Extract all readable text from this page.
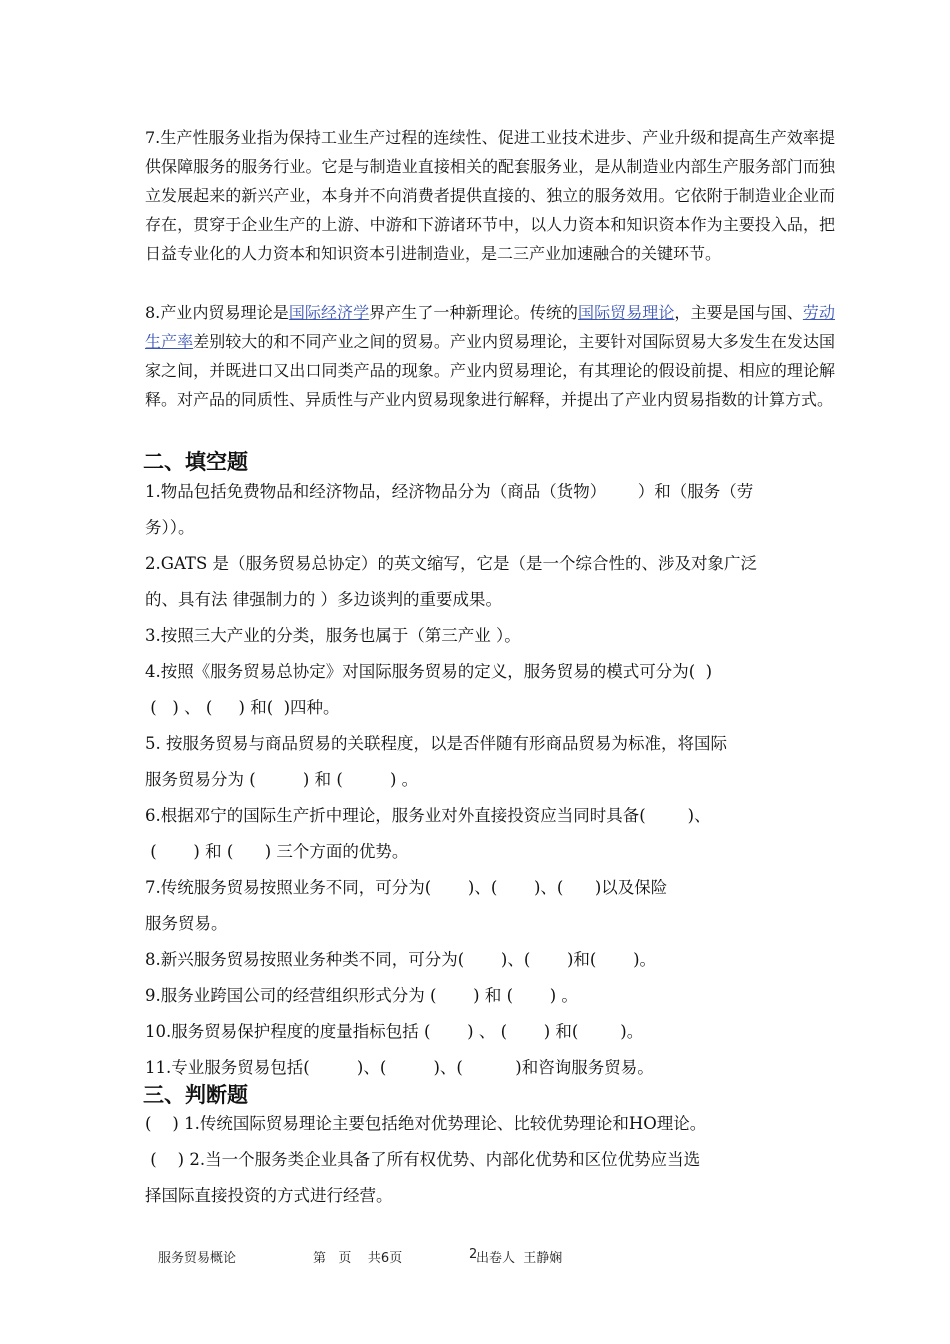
7.生产性服务业指为保持工业生产过程的连续性、促进工业技术进步、产业升级和提高生产效率提供保障服务的服务行业。它是与制造业直接相关的配套服务业，是从制造业内部生产服务部门而独立发展起来的新兴产业，本身并不向消费者提供直接的、独立的服务效用。它依附于制造业企业而存在，贯穿于企业生产的上游、中游和下游诸环节中，以人力资本和知识资本作为主要投入品，把日益专业化的人力资本和知识资本引进制造业，是二三产业加速融合的关键环节。

8.产业内贸易理论是国际经济学界产生了一种新理论。传统的国际贸易理论，主要是国与国、劳动生产率差别较大的和不同产业之间的贸易。产业内贸易理论，主要针对国际贸易大多发生在发达国家之间，并既进口又出口同类产品的现象。产业内贸易理论，有其理论的假设前提、相应的理论解释。对产品的同质性、异质性与产业内贸易现象进行解释，并提出了产业内贸易指数的计算方式。

二、填空题
1.物品包括免费物品和经济物品，经济物品分为（商品（货物）      ）和（服务（劳
务））。
2.GATS 是（服务贸易总协定）的英文缩写，它是（是一个综合性的、涉及对象广泛
的、具有法 律强制力的 ）多边谈判的重要成果。
3.按照三大产业的分类，服务也属于（第三产业 ）。
4.按照《服务贸易总协定》对国际服务贸易的定义，服务贸易的模式可分为(  )
(   ) 、 (     ) 和(  )四种。
5. 按服务贸易与商品贸易的关联程度，以是否伴随有形商品贸易为标准，将国际
服务贸易分为 (         ) 和 (         ) 。
6.根据邓宁的国际生产折中理论，服务业对外直接投资应当同时具备(        )、
(       ) 和 (      ) 三个方面的优势。
7.传统服务贸易按照业务不同，可分为(       )、(       )、(      )以及保险
服务贸易。
8.新兴服务贸易按照业务种类不同，可分为(       )、(       )和(       )。
9.服务业跨国公司的经营组织形式分为 (       ) 和 (       ) 。
10.服务贸易保护程度的度量指标包括 (       ) 、 (       ) 和(        )。
11.专业服务贸易包括(         )、(         )、(          )和咨询服务贸易。
三、判断题
(    ) 1.传统国际贸易理论主要包括绝对优势理论、比较优势理论和HO理论。
(    ) 2.当一个服务类企业具备了所有权优势、内部化优势和区位优势应当选
择国际直接投资的方式进行经营。
服务贸易概论	第   页    共6页	2
出卷人  王静娴
